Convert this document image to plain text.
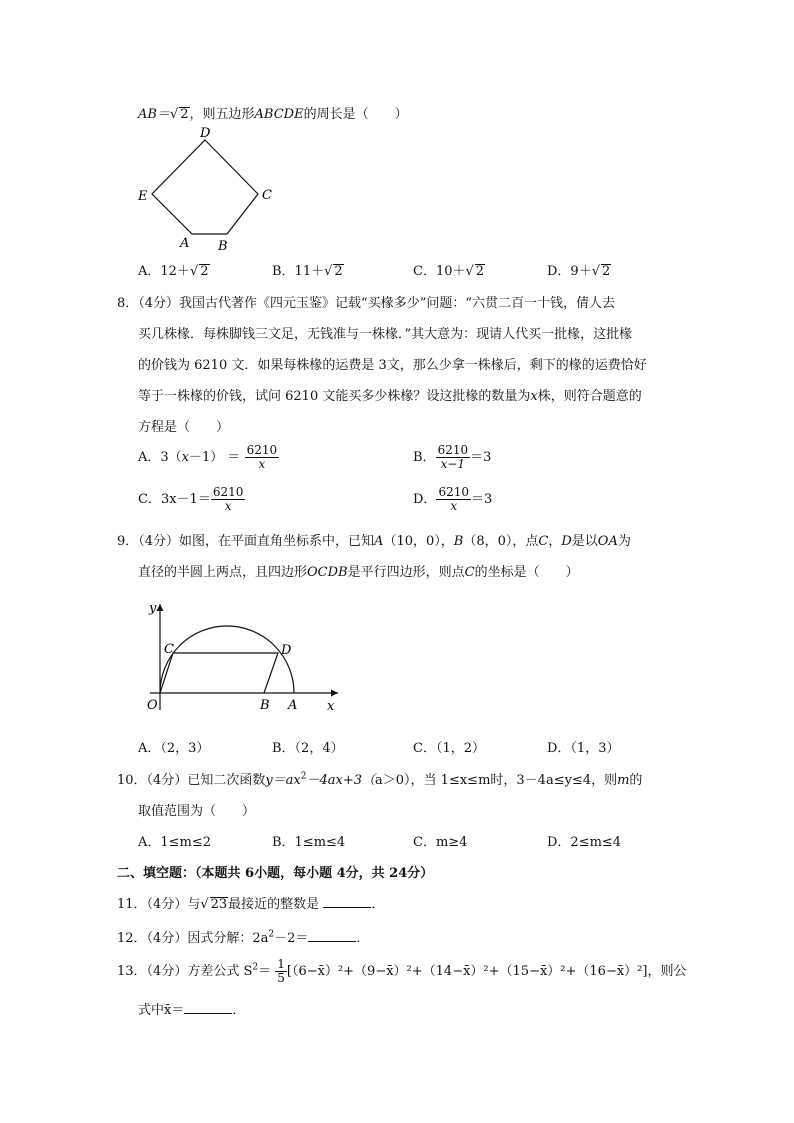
AB＝√ 2，则五边形ABCDE的周长是（　　）
D
C
E
A B
A．12＋√ 2	B．11＋√ 2	C．10＋√ 2	D．9＋√ 2
8．（4分）我国古代著作《四元玉鉴》记载“买椽多少”问题：“六贯二百一十钱，倩人去
买几株椽．每株脚钱三文足，无钱准与一株椽．”其大意为：现请人代买一批椽，这批椽
的价钱为 6210 文．如果每株椽的运费是 3文，那么少拿一株椽后，剩下的椽的运费恰好
等于一株椽的价钱，试问 6210 文能买多少株椽？设这批椽的数量为x株，则符合题意的
方程是（　　）
A．$3(x-1) = \frac{6210}{x}$	B． $\frac{6210}{x-1} =3$
C．$3x-1= \frac{6210}{x}$	D． $\frac{6210}{x} =3$
9．（4分）如图，在平面直角坐标系中，已知A（10，0），B（8，0），点C，D是以OA为
直径的半圆上两点，且四边形OCDB是平行四边形，则点C的坐标是（　　）
y
x
O
C	D
B A
A．（2，3）	B．（2，4）	C．（1，2）	D．（1，3）
10．（4分）已知二次函数$y=ax^2-4ax+3(a>0)$，当 1≤x≤m时，3－4a≤y≤4，则m的
取值范围为（　　）
A．1≤m≤2	B．1≤m≤4	C．m≥4	D．2≤m≤4
二、填空题：（本题共 6小题，每小题 4分，共 24分）
11．（4分）与√ 23最接近的整数是	．
12．（4分）因式分解：$2a^2-2=$	．
13．（4分）方差公式 $S^2= \frac{1}{5}$ [（6−x̄）²+（9−x̄）²+（14−x̄）²+（15−x̄）²+（16−x̄）²]，则公
式中x̄＝	．
